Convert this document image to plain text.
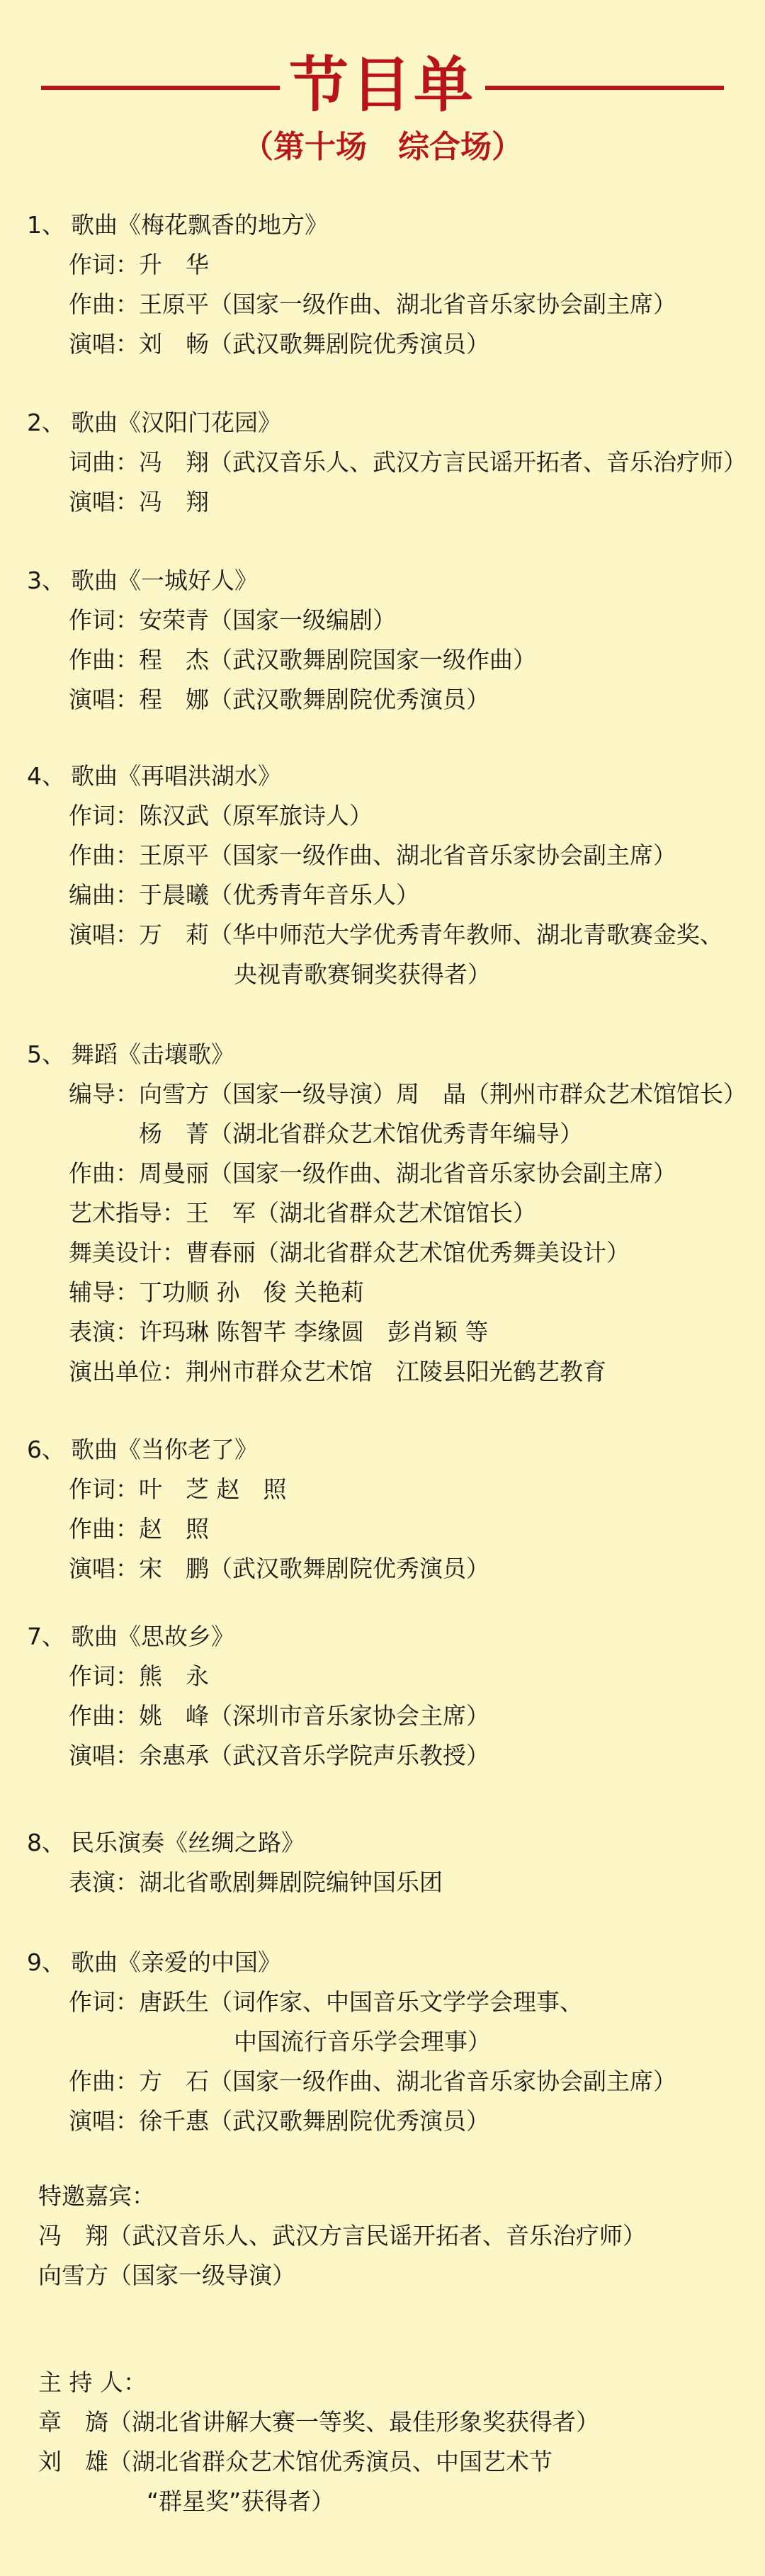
节目单
（第十场　综合场）
1、 歌曲《梅花飘香的地方》
作词：升　华
作曲：王原平（国家一级作曲、湖北省音乐家协会副主席）
演唱：刘　畅（武汉歌舞剧院优秀演员）
2、 歌曲《汉阳门花园》
词曲：冯　翔（武汉音乐人、武汉方言民谣开拓者、音乐治疗师）
演唱：冯　翔
3、 歌曲《一城好人》
作词：安荣青（国家一级编剧）
作曲：程　杰（武汉歌舞剧院国家一级作曲）
演唱：程　娜（武汉歌舞剧院优秀演员）
4、 歌曲《再唱洪湖水》
作词：陈汉武（原军旅诗人）
作曲：王原平（国家一级作曲、湖北省音乐家协会副主席）
编曲：于晨曦（优秀青年音乐人）
演唱：万　莉（华中师范大学优秀青年教师、湖北青歌赛金奖、
央视青歌赛铜奖获得者）
5、 舞蹈《击壤歌》
编导：向雪方（国家一级导演）周　晶（荆州市群众艺术馆馆长）
杨　菁（湖北省群众艺术馆优秀青年编导）
作曲：周曼丽（国家一级作曲、湖北省音乐家协会副主席）
艺术指导：王　军（湖北省群众艺术馆馆长）
舞美设计：曹春丽（湖北省群众艺术馆优秀舞美设计）
辅导：丁功顺 孙　俊 关艳莉
表演：许玛琳 陈智芊 李缘圆　彭肖颖 等
演出单位：荆州市群众艺术馆　江陵县阳光鹤艺教育
6、 歌曲《当你老了》
作词：叶　芝 赵　照
作曲：赵　照
演唱：宋　鹏（武汉歌舞剧院优秀演员）
7、 歌曲《思故乡》
作词：熊　永
作曲：姚　峰（深圳市音乐家协会主席）
演唱：余惠承（武汉音乐学院声乐教授）
8、 民乐演奏《丝绸之路》
表演：湖北省歌剧舞剧院编钟国乐团
9、 歌曲《亲爱的中国》
作词：唐跃生（词作家、中国音乐文学学会理事、
中国流行音乐学会理事）
作曲：方　石（国家一级作曲、湖北省音乐家协会副主席）
演唱：徐千惠（武汉歌舞剧院优秀演员）
特邀嘉宾：
冯　翔（武汉音乐人、武汉方言民谣开拓者、音乐治疗师）
向雪方（国家一级导演）
主 持 人：
章　旖（湖北省讲解大赛一等奖、最佳形象奖获得者）
刘　雄（湖北省群众艺术馆优秀演员、中国艺术节
“群星奖”获得者）
